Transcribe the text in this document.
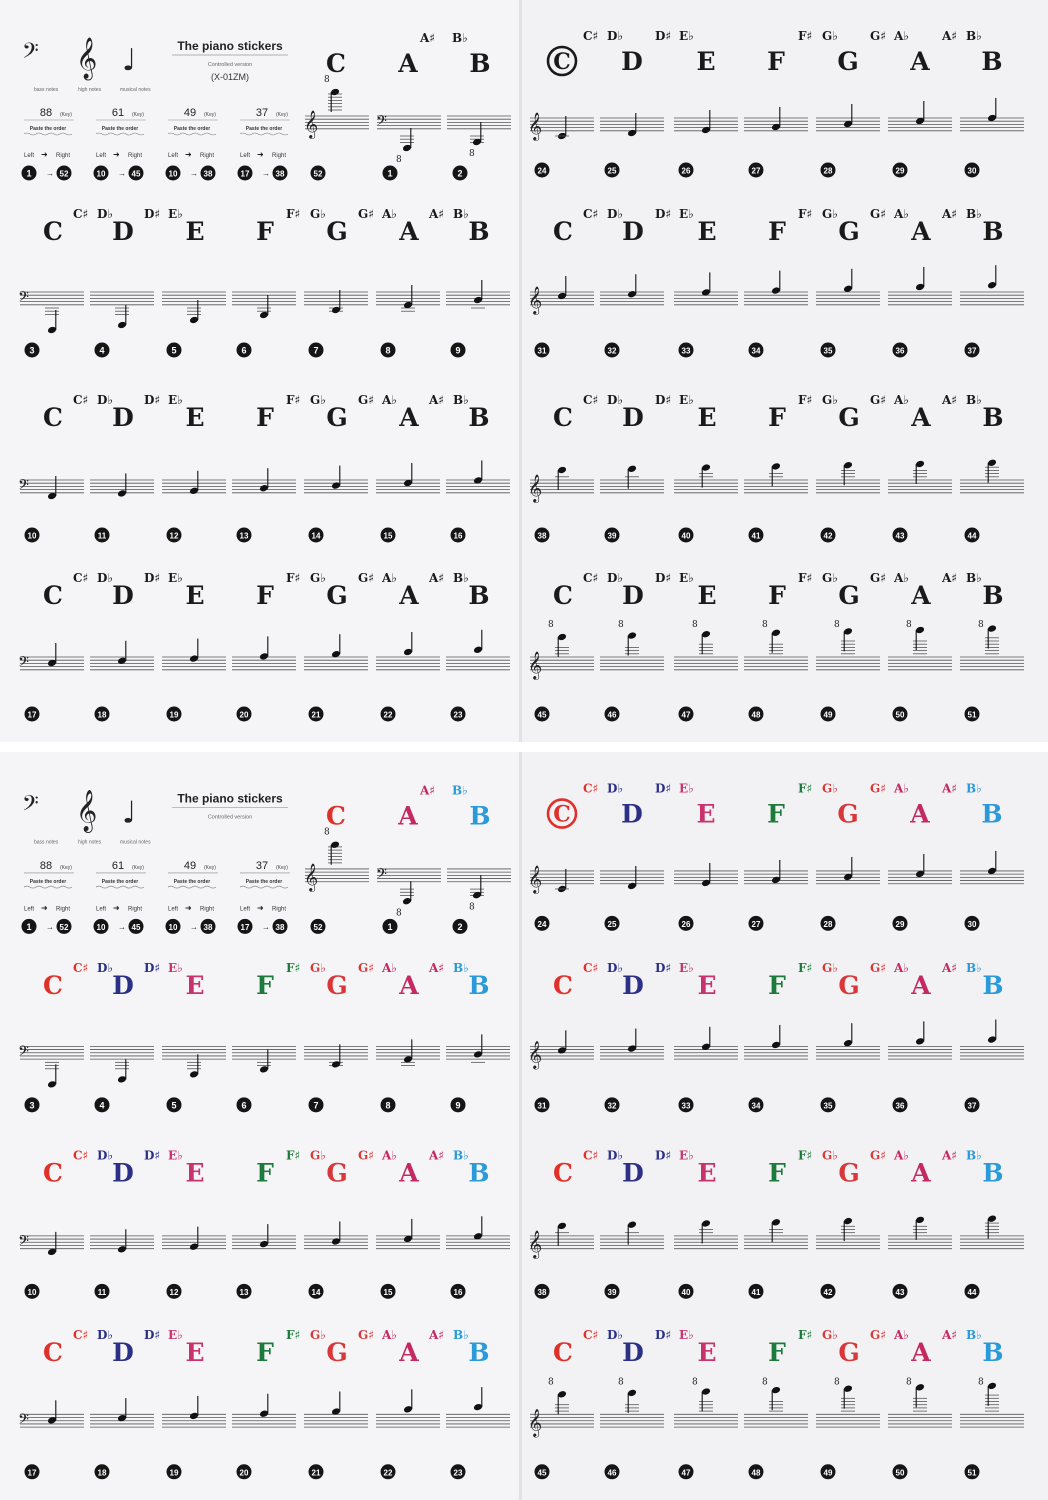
𝄢 𝄞 ♩
bass notes	high notes	musical notes
The piano stickers
Controlled version
(X-01ZM)
88 (Key)
Paste the order
Left ➜ Right
1 → 52
61 (Key)
Paste the order
Left ➜ Right
10 → 45
49 (Key)
Paste the order
Left ➜ Right
10 → 38
37 (Key)
Paste the order
Left ➜ Right
17 → 38
A♯ B♭
C A B
𝄞
8
𝄢
8
8
52	1	2
C♯ D♭	D♯ E♭	F♯ G♭	G♯ A♭	A♯ B♭
C
𝄢
3
D
4
E
5
F
6
G
7
A
8
B
9
C♯ D♭	D♯ E♭	F♯ G♭	G♯ A♭	A♯ B♭
C
𝄢
10
D
11
E
12
F
13
G
14
A
15
B
16
C♯ D♭	D♯ E♭	F♯ G♭	G♯ A♭	A♯ B♭
C
𝄢
17
D
18
E
19
F
20
G
21
A
22
B
23
C♯ D♭	D♯ E♭	F♯ G♭	G♯ A♭	A♯ B♭
C
𝄞
24
D
25
E
26
F
27
G
28
A
29
B
30
C♯ D♭	D♯ E♭	F♯ G♭	G♯ A♭	A♯ B♭
C
𝄞
31
D
32
E
33
F
34
G
35
A
36
B
37
C♯ D♭	D♯ E♭	F♯ G♭	G♯ A♭	A♯ B♭
C
𝄞
38
D
39
E
40
F
41
G
42
A
43
B
44
C♯ D♭	D♯ E♭	F♯ G♭	G♯ A♭	A♯ B♭
C
𝄞
8
45
D
8
46
E
8
47
F
8
48
G
8
49
A
8
50
B
8
51
𝄢 𝄞 ♩
bass notes	high notes	musical notes
The piano stickers
Controlled version
88 (Key)
Paste the order
Left ➜ Right
1 → 52
61 (Key)
Paste the order
Left ➜ Right
10 → 45
49 (Key)
Paste the order
Left ➜ Right
10 → 38
37 (Key)
Paste the order
Left ➜ Right
17 → 38
A♯ B♭
C A B
𝄞
8
𝄢
8
8
52	1	2
C♯ D♭	D♯ E♭	F♯ G♭	G♯ A♭	A♯ B♭
C
𝄢
3
D
4
E
5
F
6
G
7
A
8
B
9
C♯ D♭	D♯ E♭	F♯ G♭	G♯ A♭	A♯ B♭
C
𝄢
10
D
11
E
12
F
13
G
14
A
15
B
16
C♯ D♭	D♯ E♭	F♯ G♭	G♯ A♭	A♯ B♭
C
𝄢
17
D
18
E
19
F
20
G
21
A
22
B
23
C♯ D♭	D♯ E♭	F♯ G♭	G♯ A♭	A♯ B♭
C
𝄞
24
D
25
E
26
F
27
G
28
A
29
B
30
C♯ D♭	D♯ E♭	F♯ G♭	G♯ A♭	A♯ B♭
C
𝄞
31
D
32
E
33
F
34
G
35
A
36
B
37
C♯ D♭	D♯ E♭	F♯ G♭	G♯ A♭	A♯ B♭
C
𝄞
38
D
39
E
40
F
41
G
42
A
43
B
44
C♯ D♭	D♯ E♭	F♯ G♭	G♯ A♭	A♯ B♭
C
𝄞
8
45
D
8
46
E
8
47
F
8
48
G
8
49
A
8
50
B
8
51
